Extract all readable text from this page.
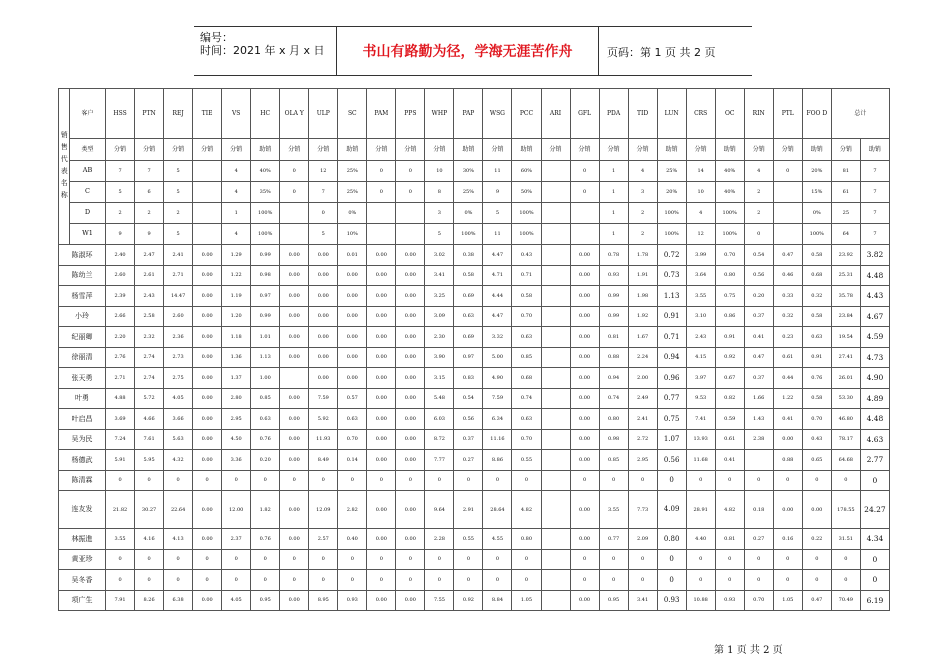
编号：
时间：2021 年 x 月 x 日	书山有路勤为径，学海无涯苦作舟	页码：第 1 页 共 2 页
销售代表名称	客户	HSS	PTN	REJ	TIE	VS	HC	OLA Y	ULP	SC	PAM	PPS	WHP	PAP	WSG	PCC	ARI	GFL	PDA	TID	LUN	CRS	OC	RIN	PTL	FOO D	总计	
	类型	分销	分销	分销	分销	分销	助销	分销	分销	助销	分销	分销	分销	助销	分销	助销	分销	分销	分销	分销	助销	分销	助销	分销	分销	助销	分销	助销
	AB	7	7	5		4	40%	0	12	25%	0	0	10	30%	11	60%		0	1	4	25%	14	40%	4	0	20%	81	7
	C	5	6	5		4	35%	0	7	25%	0	0	8	25%	9	50%		0	1	3	20%	10	40%	2		15%	61	7
	D	2	2	2		1	100%		0	0%			3	0%	5	100%			1	2	100%	4	100%	2		0%	25	7
	W1	9	9	5		4	100%		5	10%			5	100%	11	100%			1	2	100%	12	100%	0		100%	64	7
陈淑环		2.40	2.47	2.41	0.00	1.29	0.99	0.00	0.00	0.01	0.00	0.00	3.02	0.38	4.47	0.43		0.00	0.78	1.78	0.72	3.99	0.70	0.54	0.47	0.58	23.92	3.82
陈幼兰		2.60	2.61	2.71	0.00	1.22	0.98	0.00	0.00	0.00	0.00	0.00	3.41	0.58	4.71	0.71		0.00	0.93	1.91	0.73	3.64	0.80	0.56	0.46	0.68	25.31	4.48
杨雪萍		2.39	2.43	14.47	0.00	1.19	0.97	0.00	0.00	0.00	0.00	0.00	3.25	0.69	4.44	0.58		0.00	0.99	1.98	1.13	3.55	0.75	0.20	0.33	0.32	35.78	4.43
小玲		2.66	2.58	2.60	0.00	1.20	0.99	0.00	0.00	0.00	0.00	0.00	3.09	0.63	4.47	0.70		0.00	0.99	1.92	0.91	3.10	0.86	0.37	0.32	0.58	23.84	4.67
纪丽卿		2.20	2.32	2.36	0.00	1.18	1.01	0.00	0.00	0.00	0.00	0.00	2.30	0.69	3.32	0.63		0.00	0.81	1.67	0.71	2.43	0.91	0.41	0.23	0.63	19.54	4.59
徐丽清		2.76	2.74	2.73	0.00	1.36	1.13	0.00	0.00	0.00	0.00	0.00	3.90	0.97	5.00	0.85		0.00	0.88	2.24	0.94	4.15	0.92	0.47	0.61	0.91	27.41	4.73
张天勇		2.71	2.74	2.75	0.00	1.37	1.00		0.00	0.00	0.00	0.00	3.15	0.83	4.90	0.68		0.00	0.94	2.00	0.96	3.97	0.67	0.37	0.44	0.76	26.01	4.90
叶勇		4.88	5.72	4.05	0.00	2.80	0.85	0.00	7.59	0.57	0.00	0.00	5.48	0.54	7.59	0.74		0.00	0.74	2.49	0.77	9.53	0.82	1.66	1.22	0.58	53.30	4.89
叶启昌		3.69	4.66	3.66	0.00	2.95	0.63	0.00	5.92	0.63	0.00	0.00	6.03	0.56	6.34	0.63		0.00	0.80	2.41	0.75	7.41	0.59	1.43	0.41	0.70	46.80	4.48
吴为民		7.24	7.61	5.63	0.00	4.50	0.76	0.00	11.93	0.70	0.00	0.00	8.72	0.37	11.16	0.70		0.00	0.98	2.72	1.07	13.93	0.61	2.38	0.00	0.43	78.17	4.63
杨德武		5.91	5.95	4.32	0.00	3.36	0.20	0.00	8.49	0.14	0.00	0.00	7.77	0.27	8.86	0.55		0.00	0.85	2.95	0.56	11.68	0.41		0.88	0.65	64.68	2.77
陈清霖		0	0	0	0	0	0	0	0	0	0	0	0	0	0	0		0	0	0	0	0	0	0	0	0	0	0
连友发		21.82	30.27	22.64	0.00	12.00	1.82	0.00	12.09	2.82	0.00	0.00	9.64	2.91	28.64	4.82		0.00	3.55	7.73	4.09	28.91	4.82	0.18	0.00	0.00	178.55	24.27
林振進		3.55	4.16	4.13	0.00	2.37	0.76	0.00	2.57	0.40	0.00	0.00	2.28	0.55	4.55	0.80		0.00	0.77	2.09	0.80	4.40	0.81	0.27	0.16	0.22	31.51	4.34
黄亚珍		0	0	0	0	0	0	0	0	0	0	0	0	0	0	0		0	0	0	0	0	0	0	0	0	0	0
吴冬香		0	0	0	0	0	0	0	0	0	0	0	0	0	0	0		0	0	0	0	0	0	0	0	0	0	0
项广生		7.91	8.26	6.38	0.00	4.05	0.95	0.00	8.95	0.93	0.00	0.00	7.55	0.92	8.84	1.05		0.00	0.95	3.41	0.93	10.88	0.93	0.70	1.05	0.47	70.49	6.19
第 1 页 共 2 页
